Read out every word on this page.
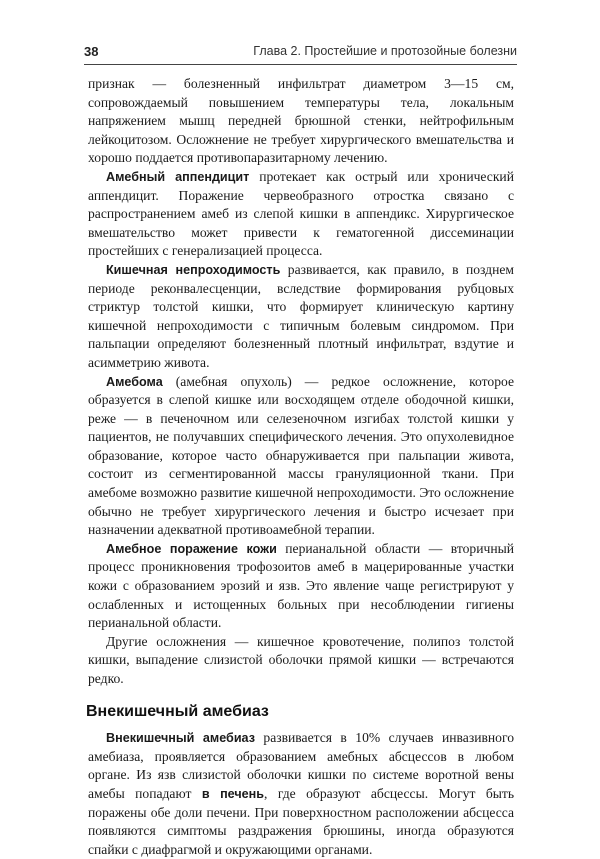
38	Глава 2. Простейшие и протозойные болезни

признак — болезненный инфильтрат диаметром 3—15 см, сопровождаемый повышением температуры тела, локальным напряжением мышц передней брюшной стенки, нейтрофильным лейкоцитозом. Осложнение не требует хирургического вмешательства и хорошо поддается противопаразитарному лечению.

Амебный аппендицит протекает как острый или хронический аппендицит. Поражение червеобразного отростка связано с распространением амеб из слепой кишки в аппендикс. Хирургическое вмешательство может привести к гематогенной диссеминации простейших с генерализацией процесса.

Кишечная непроходимость развивается, как правило, в позднем периоде реконвалесценции, вследствие формирования рубцовых стриктур толстой кишки, что формирует клиническую картину кишечной непроходимости с типичным болевым синдромом. При пальпации определяют болезненный плотный инфильтрат, вздутие и асимметрию живота.

Амебома (амебная опухоль) — редкое осложнение, которое образуется в слепой кишке или восходящем отделе ободочной кишки, реже — в печеночном или селезеночном изгибах толстой кишки у пациентов, не получавших специфического лечения. Это опухолевидное образование, которое часто обнаруживается при пальпации живота, состоит из сегментированной массы грануляционной ткани. При амебоме возможно развитие кишечной непроходимости. Это осложнение обычно не требует хирургического лечения и быстро исчезает при назначении адекватной противоамебной терапии.

Амебное поражение кожи перианальной области — вторичный процесс проникновения трофозоитов амеб в мацерированные участки кожи с образованием эрозий и язв. Это явление чаще регистрируют у ослабленных и истощенных больных при несоблюдении гигиены перианальной области.

Другие осложнения — кишечное кровотечение, полипоз толстой кишки, выпадение слизистой оболочки прямой кишки — встречаются редко.

Внекишечный амебиаз

Внекишечный амебиаз развивается в 10% случаев инвазивного амебиаза, проявляется образованием амебных абсцессов в любом органе. Из язв слизистой оболочки кишки по системе воротной вены амебы попадают в печень, где образуют абсцессы. Могут быть поражены обе доли печени. При поверхностном расположении абсцесса появляются симптомы раздражения брюшины, иногда образуются спайки с диафрагмой и окружающими органами.
